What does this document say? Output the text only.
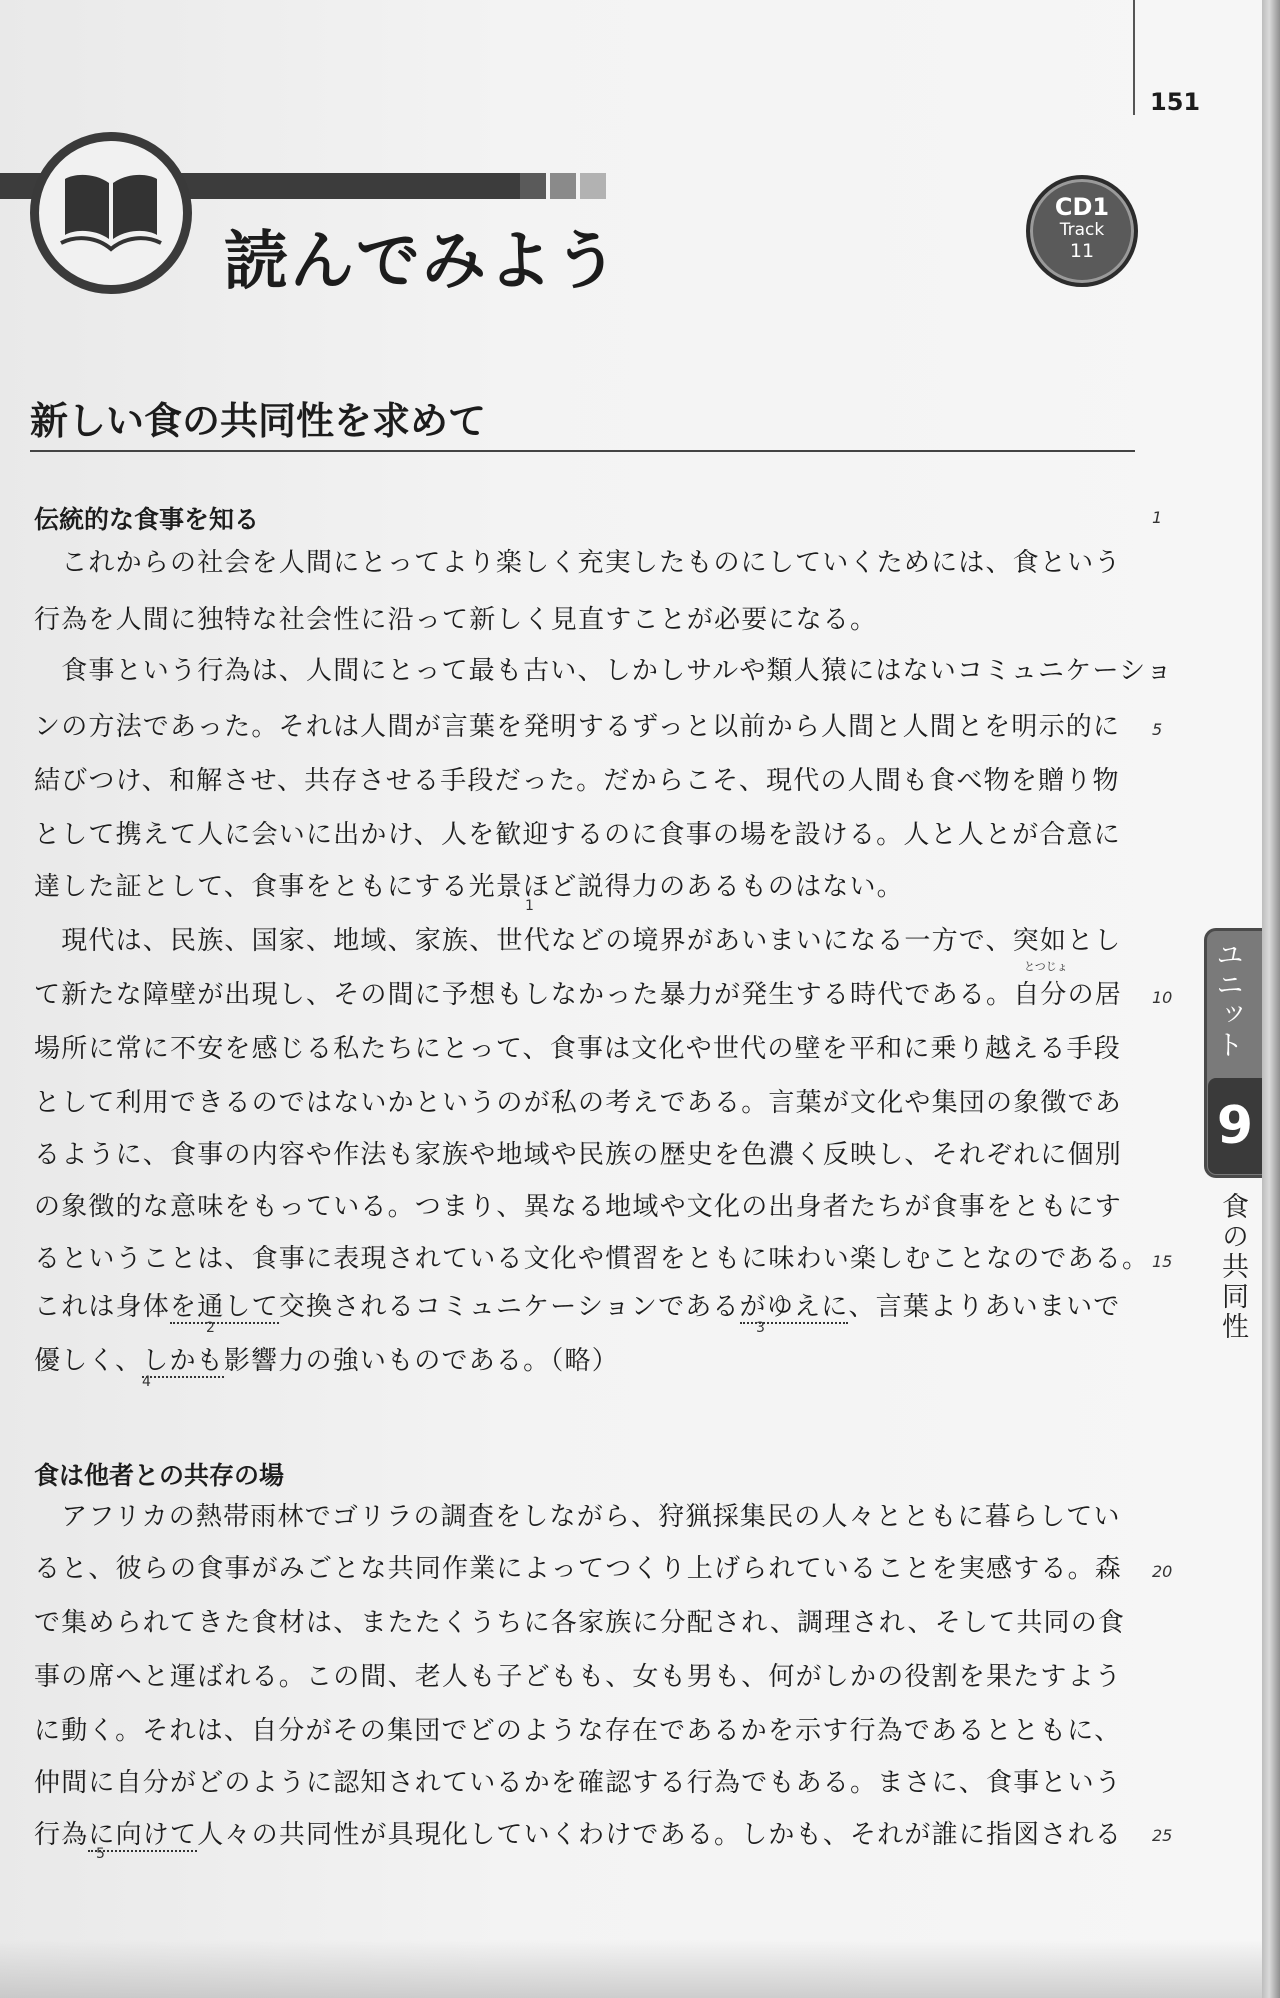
151
読んでみよう
CD1
Track
11
新しい食の共同性を求めて
伝統的な食事を知る
　これからの社会を人間にとってより楽しく充実したものにしていくためには、食という
行為を人間に独特な社会性に沿って新しく見直すことが必要になる。
　食事という行為は、人間にとって最も古い、しかしサルや類人猿にはないコミュニケーショ
ンの方法であった。それは人間が言葉を発明するずっと以前から人間と人間とを明示的に
結びつけ、和解させ、共存させる手段だった。だからこそ、現代の人間も食べ物を贈り物
として携えて人に会いに出かけ、人を歓迎するのに食事の場を設ける。人と人とが合意に
達した証として、食事をともにする光景ほど説得力のあるものはない。
1
　現代は、民族、国家、地域、家族、世代などの境界があいまいになる一方で、突如とし
とつじょ
て新たな障壁が出現し、その間に予想もしなかった暴力が発生する時代である。自分の居
場所に常に不安を感じる私たちにとって、食事は文化や世代の壁を平和に乗り越える手段
として利用できるのではないかというのが私の考えである。言葉が文化や集団の象徴であ
るように、食事の内容や作法も家族や地域や民族の歴史を色濃く反映し、それぞれに個別
の象徴的な意味をもっている。つまり、異なる地域や文化の出身者たちが食事をともにす
るということは、食事に表現されている文化や慣習をともに味わい楽しむことなのである。
これは身体を通して交換されるコミュニケーションであるがゆえに、言葉よりあいまいで
2	3
優しく、しかも影響力の強いものである。（略）
4
食は他者との共存の場
　アフリカの熱帯雨林でゴリラの調査をしながら、狩猟採集民の人々とともに暮らしてい
ると、彼らの食事がみごとな共同作業によってつくり上げられていることを実感する。森
で集められてきた食材は、またたくうちに各家族に分配され、調理され、そして共同の食
事の席へと運ばれる。この間、老人も子どもも、女も男も、何がしかの役割を果たすよう
に動く。それは、自分がその集団でどのような存在であるかを示す行為であるとともに、
仲間に自分がどのように認知されているかを確認する行為でもある。まさに、食事という
行為に向けて人々の共同性が具現化していくわけである。しかも、それが誰に指図される
5
1
5
10
15
20
25
ユニット
9
食の共同性
